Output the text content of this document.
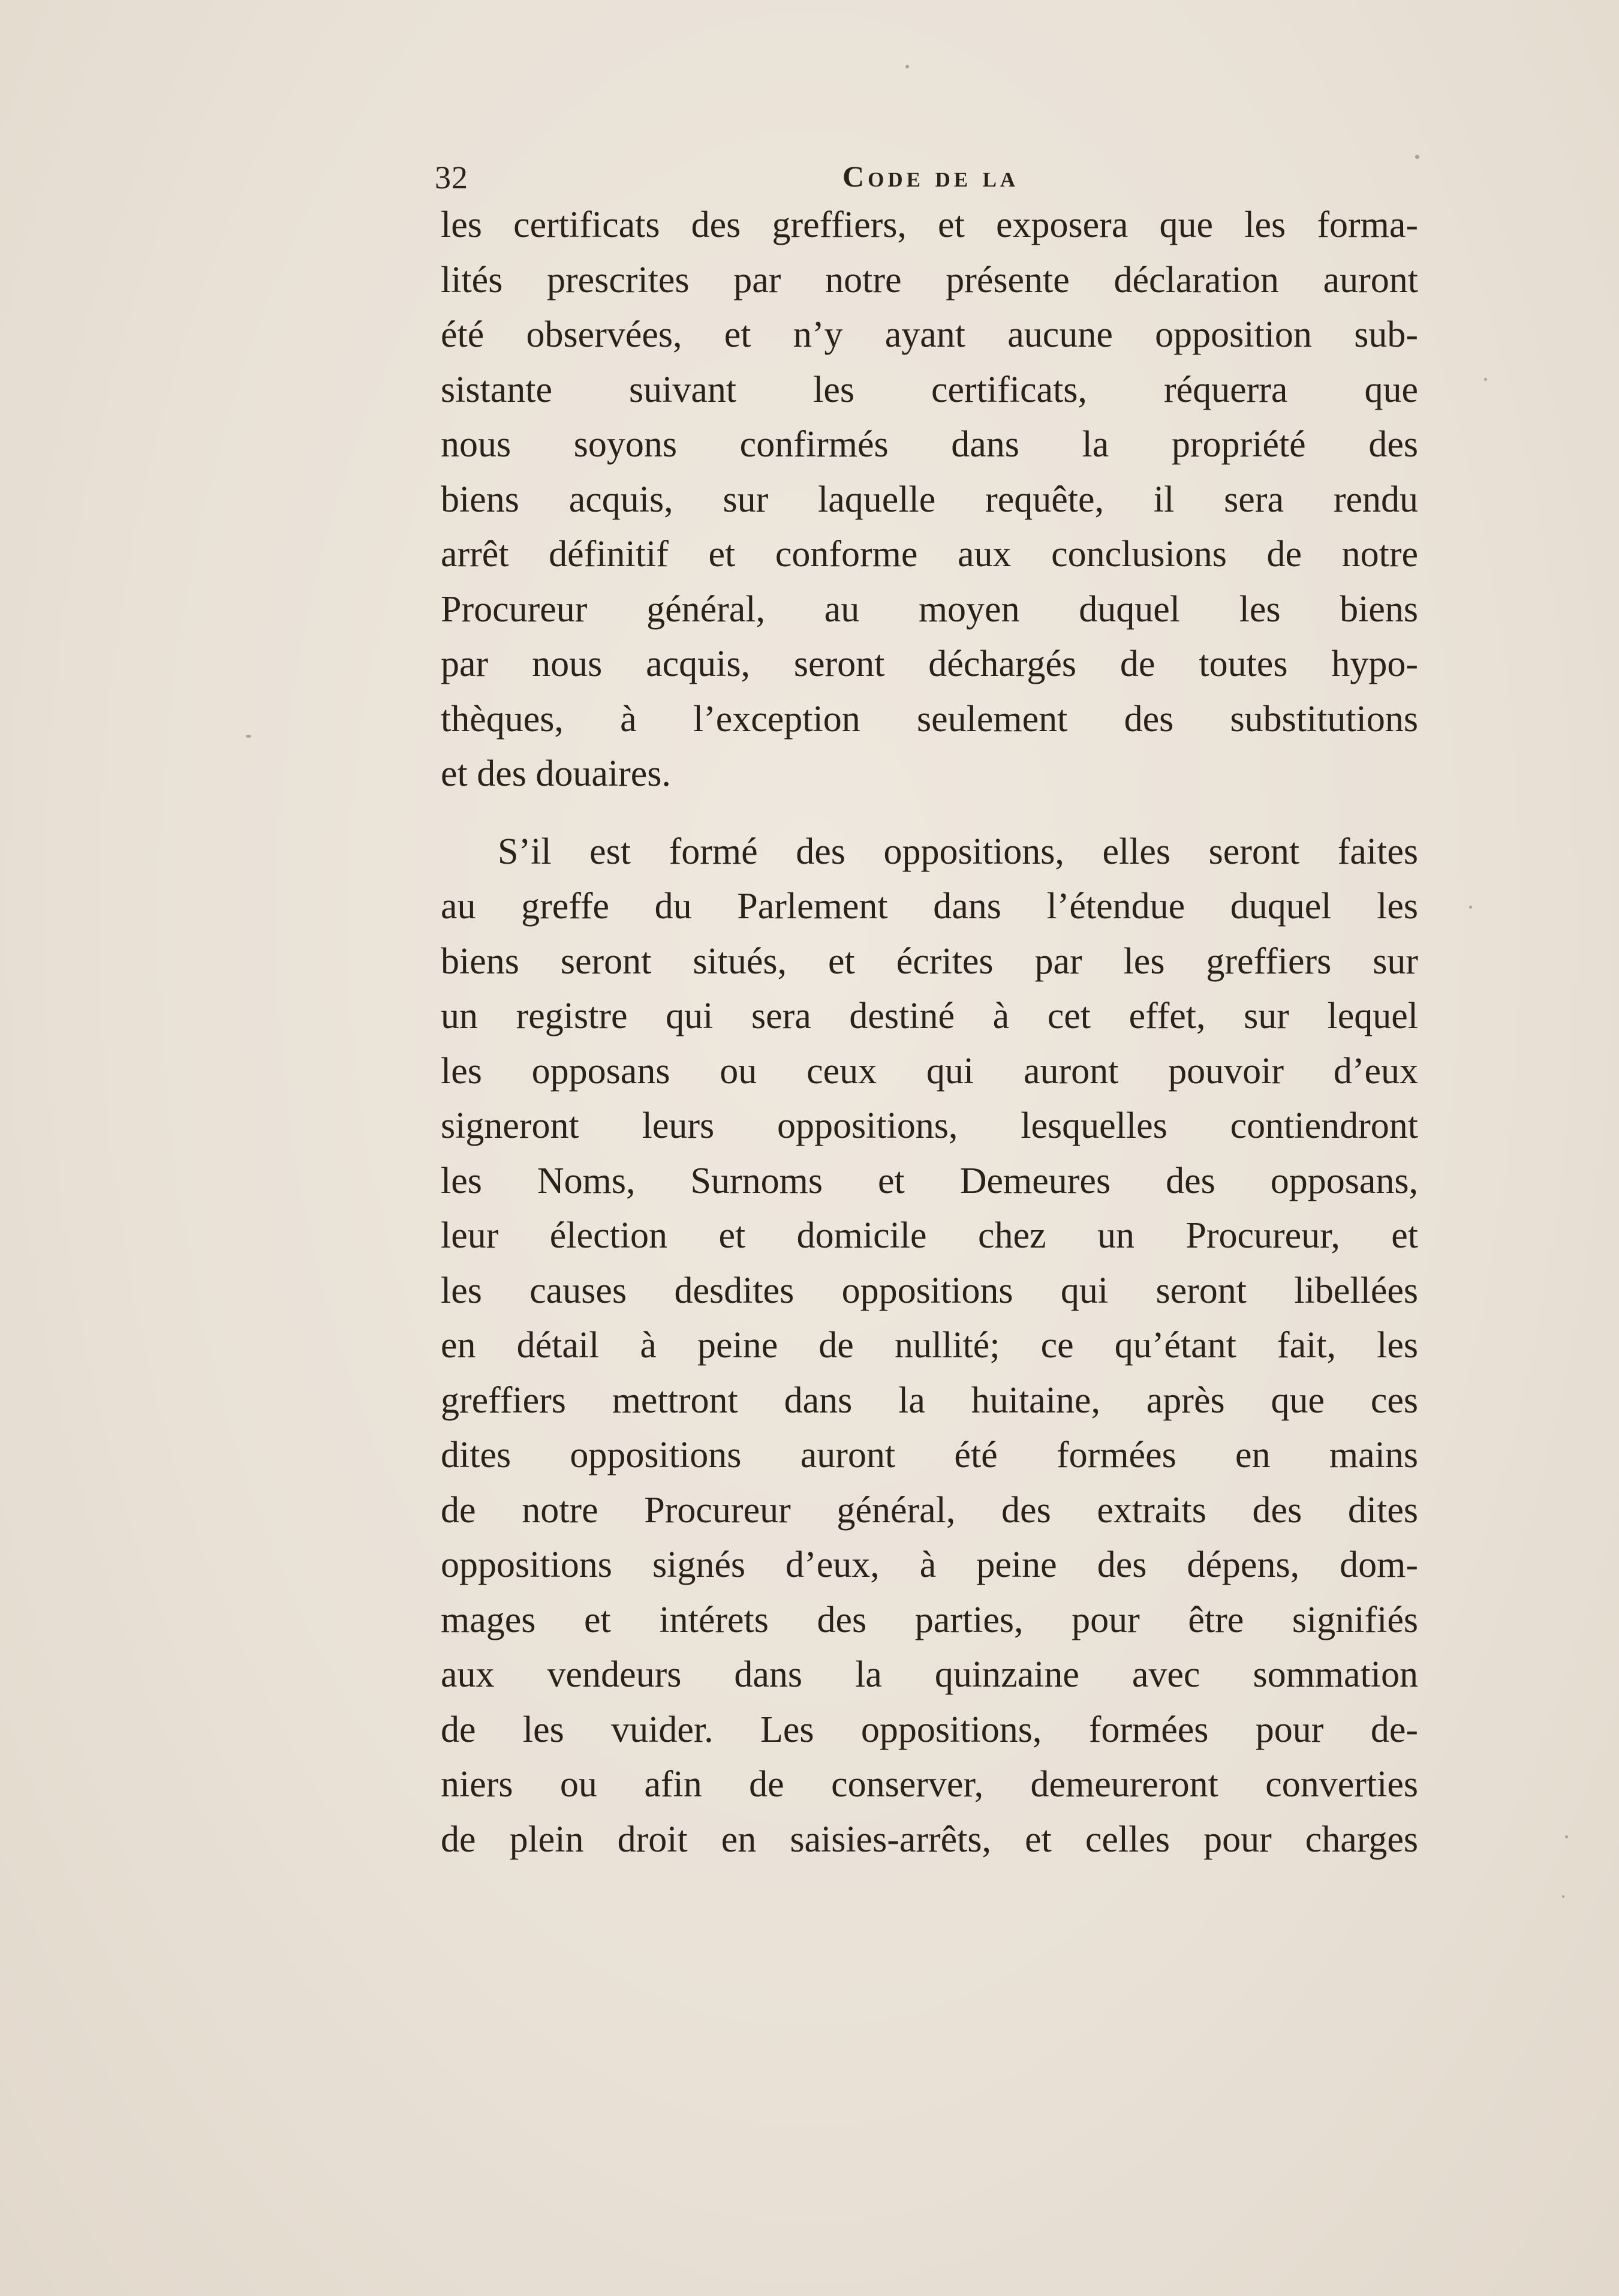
32	Code de la
les certificats des greffiers, et exposera que les forma-
lités prescrites par notre présente déclaration auront
été observées, et n’y ayant aucune opposition sub-
sistante suivant les certificats, réquerra que
nous soyons confirmés dans la propriété des
biens acquis, sur laquelle requête, il sera rendu
arrêt définitif et conforme aux conclusions de notre
Procureur général, au moyen duquel les biens
par nous acquis, seront déchargés de toutes hypo-
thèques, à l’exception seulement des substitutions
et des douaires.
S’il est formé des oppositions, elles seront faites
au greffe du Parlement dans l’étendue duquel les
biens seront situés, et écrites par les greffiers sur
un registre qui sera destiné à cet effet, sur lequel
les opposans ou ceux qui auront pouvoir d’eux
signeront leurs oppositions, lesquelles contiendront
les Noms, Surnoms et Demeures des opposans,
leur élection et domicile chez un Procureur, et
les causes desdites oppositions qui seront libellées
en détail à peine de nullité; ce qu’étant fait, les
greffiers mettront dans la huitaine, après que ces
dites oppositions auront été formées en mains
de notre Procureur général, des extraits des dites
oppositions signés d’eux, à peine des dépens, dom-
mages et intérets des parties, pour être signifiés
aux vendeurs dans la quinzaine avec sommation
de les vuider. Les oppositions, formées pour de-
niers ou afin de conserver, demeureront converties
de plein droit en saisies-arrêts, et celles pour charges
